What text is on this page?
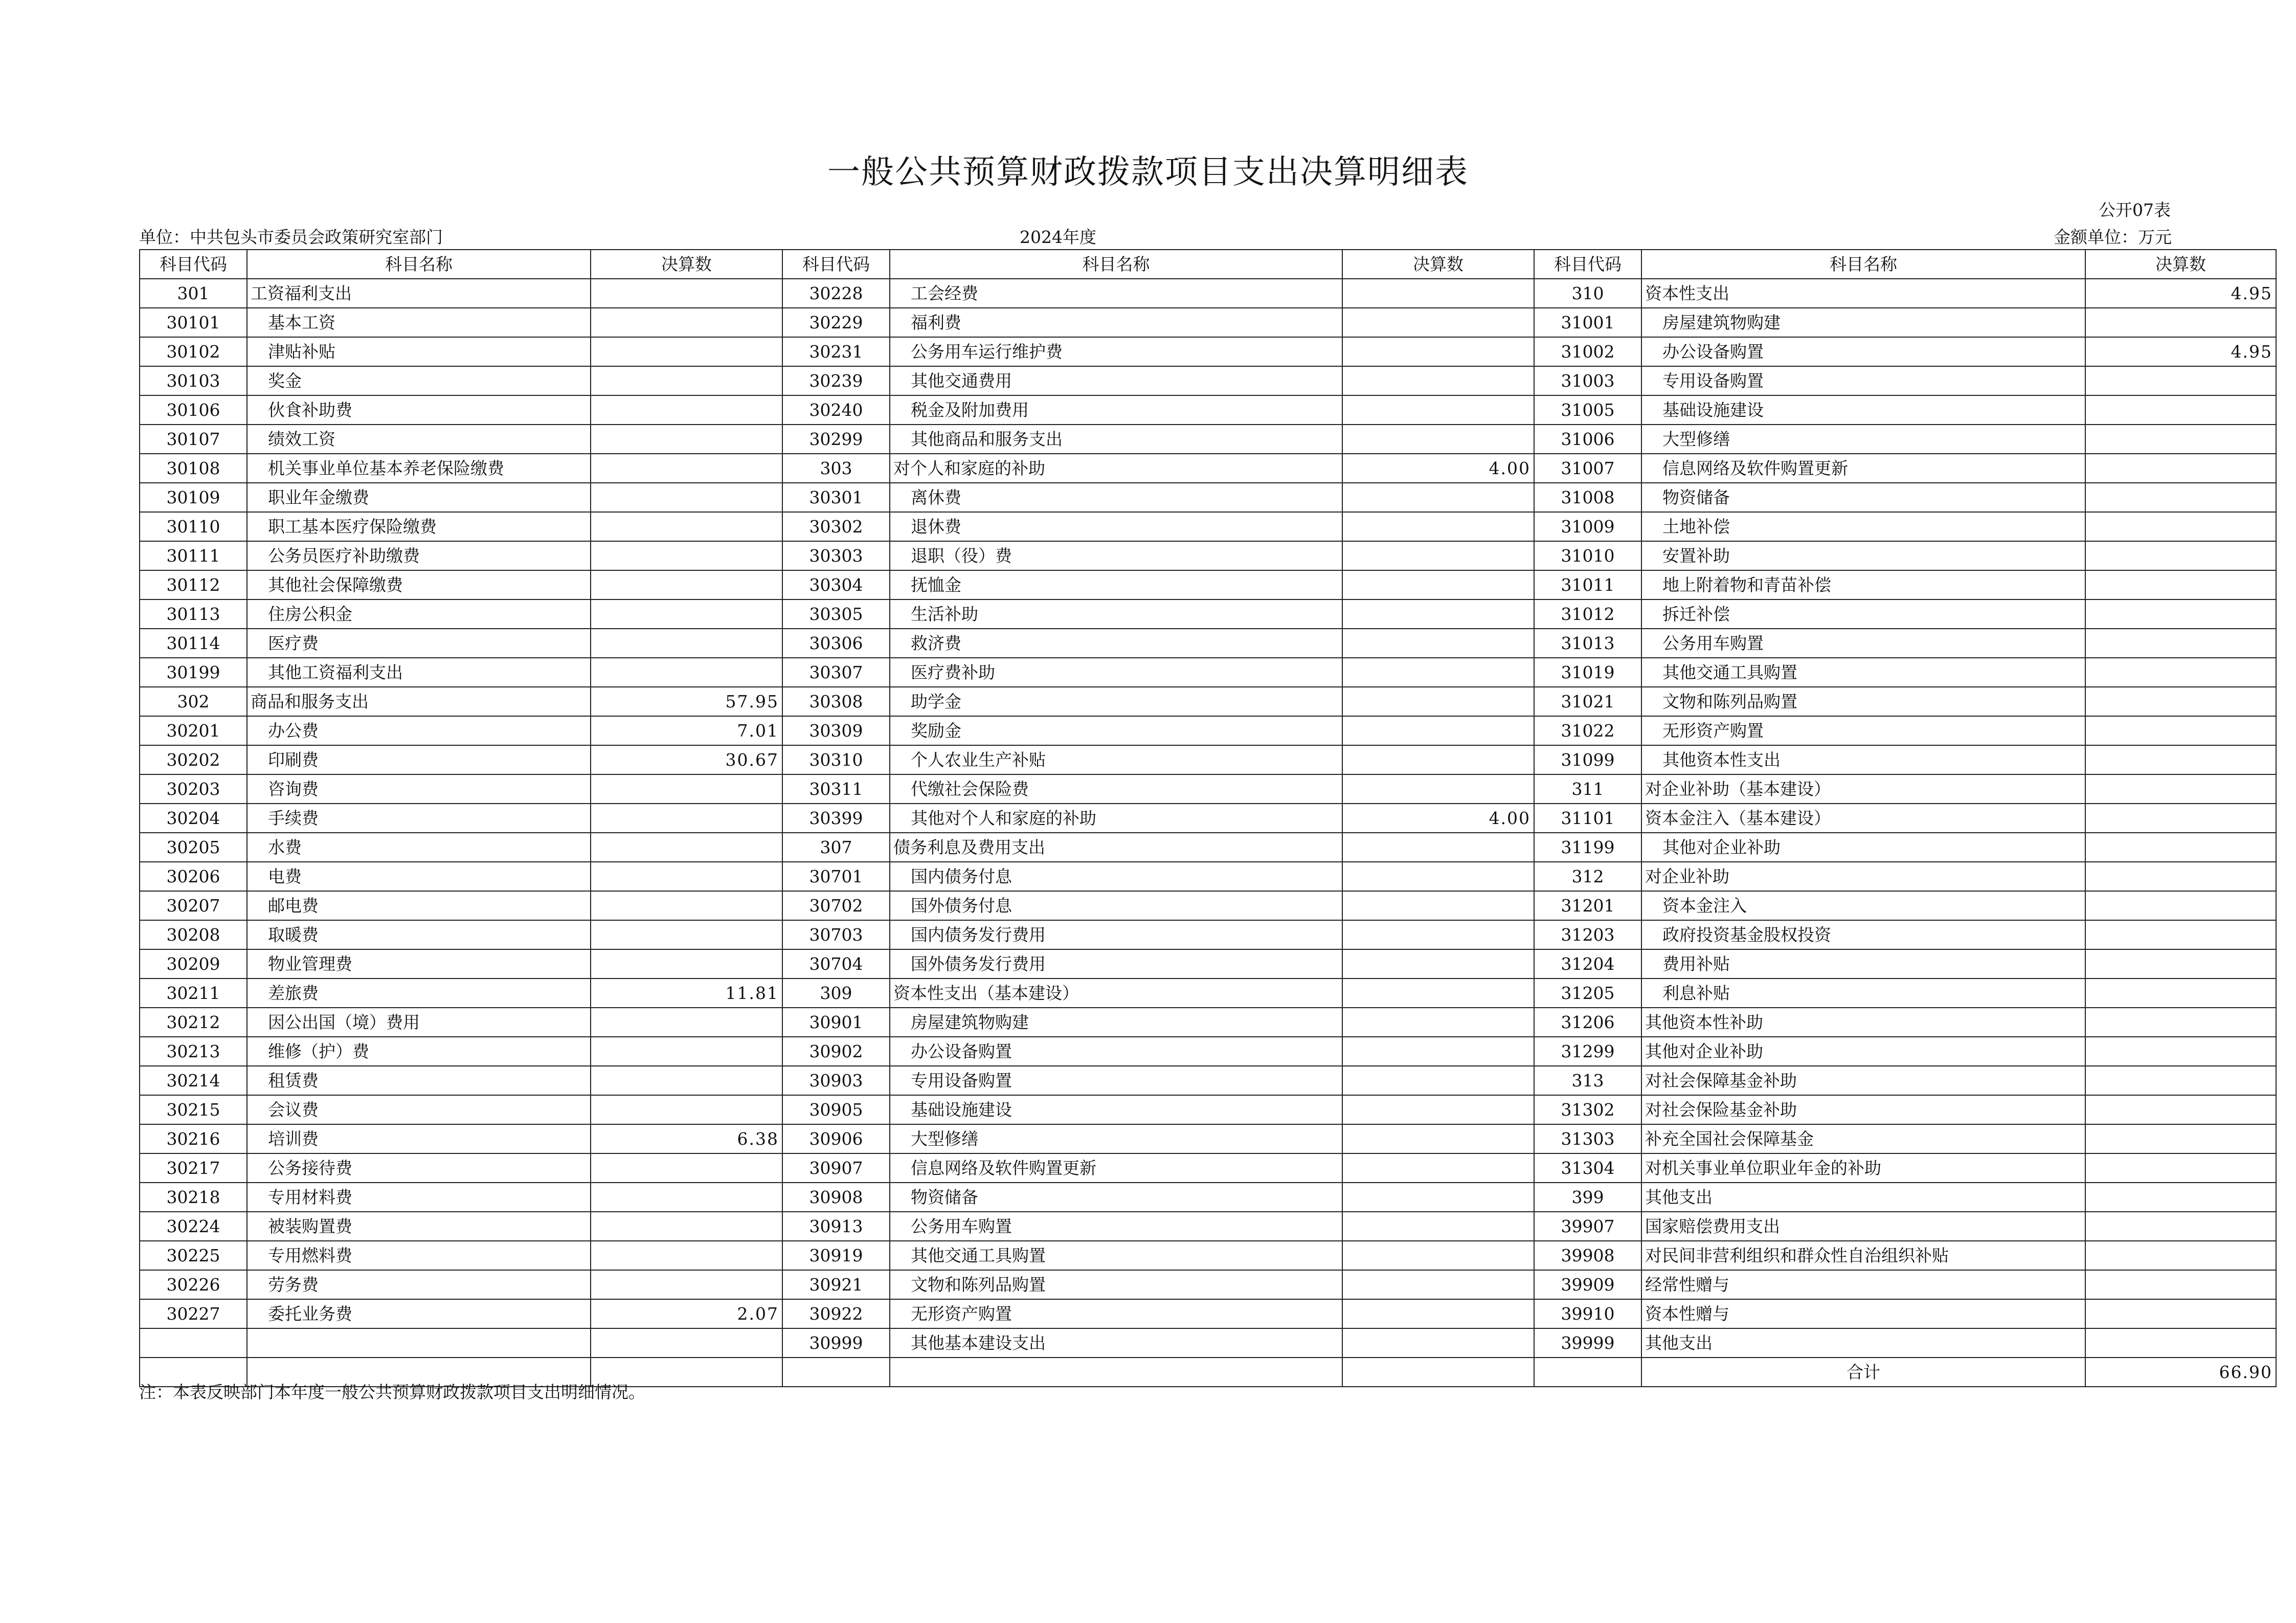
一般公共预算财政拨款项目支出决算明细表
公开07表
单位：中共包头市委员会政策研究室部门	2024年度	金额单位：万元
科目代码	科目名称	决算数	科目代码	科目名称	决算数	科目代码	科目名称	决算数
301	工资福利支出		30228	工会经费		310	资本性支出	4.95
30101	基本工资		30229	福利费		31001	房屋建筑物购建	
30102	津贴补贴		30231	公务用车运行维护费		31002	办公设备购置	4.95
30103	奖金		30239	其他交通费用		31003	专用设备购置	
30106	伙食补助费		30240	税金及附加费用		31005	基础设施建设	
30107	绩效工资		30299	其他商品和服务支出		31006	大型修缮	
30108	机关事业单位基本养老保险缴费		303	对个人和家庭的补助	4.00	31007	信息网络及软件购置更新	
30109	职业年金缴费		30301	离休费		31008	物资储备	
30110	职工基本医疗保险缴费		30302	退休费		31009	土地补偿	
30111	公务员医疗补助缴费		30303	退职（役）费		31010	安置补助	
30112	其他社会保障缴费		30304	抚恤金		31011	地上附着物和青苗补偿	
30113	住房公积金		30305	生活补助		31012	拆迁补偿	
30114	医疗费		30306	救济费		31013	公务用车购置	
30199	其他工资福利支出		30307	医疗费补助		31019	其他交通工具购置	
302	商品和服务支出	57.95	30308	助学金		31021	文物和陈列品购置	
30201	办公费	7.01	30309	奖励金		31022	无形资产购置	
30202	印刷费	30.67	30310	个人农业生产补贴		31099	其他资本性支出	
30203	咨询费		30311	代缴社会保险费		311	对企业补助（基本建设）	
30204	手续费		30399	其他对个人和家庭的补助	4.00	31101	资本金注入（基本建设）	
30205	水费		307	债务利息及费用支出		31199	其他对企业补助	
30206	电费		30701	国内债务付息		312	对企业补助	
30207	邮电费		30702	国外债务付息		31201	资本金注入	
30208	取暖费		30703	国内债务发行费用		31203	政府投资基金股权投资	
30209	物业管理费		30704	国外债务发行费用		31204	费用补贴	
30211	差旅费	11.81	309	资本性支出（基本建设）		31205	利息补贴	
30212	因公出国（境）费用		30901	房屋建筑物购建		31206	其他资本性补助	
30213	维修（护）费		30902	办公设备购置		31299	其他对企业补助	
30214	租赁费		30903	专用设备购置		313	对社会保障基金补助	
30215	会议费		30905	基础设施建设		31302	对社会保险基金补助	
30216	培训费	6.38	30906	大型修缮		31303	补充全国社会保障基金	
30217	公务接待费		30907	信息网络及软件购置更新		31304	对机关事业单位职业年金的补助	
30218	专用材料费		30908	物资储备		399	其他支出	
30224	被装购置费		30913	公务用车购置		39907	国家赔偿费用支出	
30225	专用燃料费		30919	其他交通工具购置		39908	对民间非营利组织和群众性自治组织补贴	
30226	劳务费		30921	文物和陈列品购置		39909	经常性赠与	
30227	委托业务费	2.07	30922	无形资产购置		39910	资本性赠与	
			30999	其他基本建设支出		39999	其他支出	
							合计	66.90
注：本表反映部门本年度一般公共预算财政拨款项目支出明细情况。
